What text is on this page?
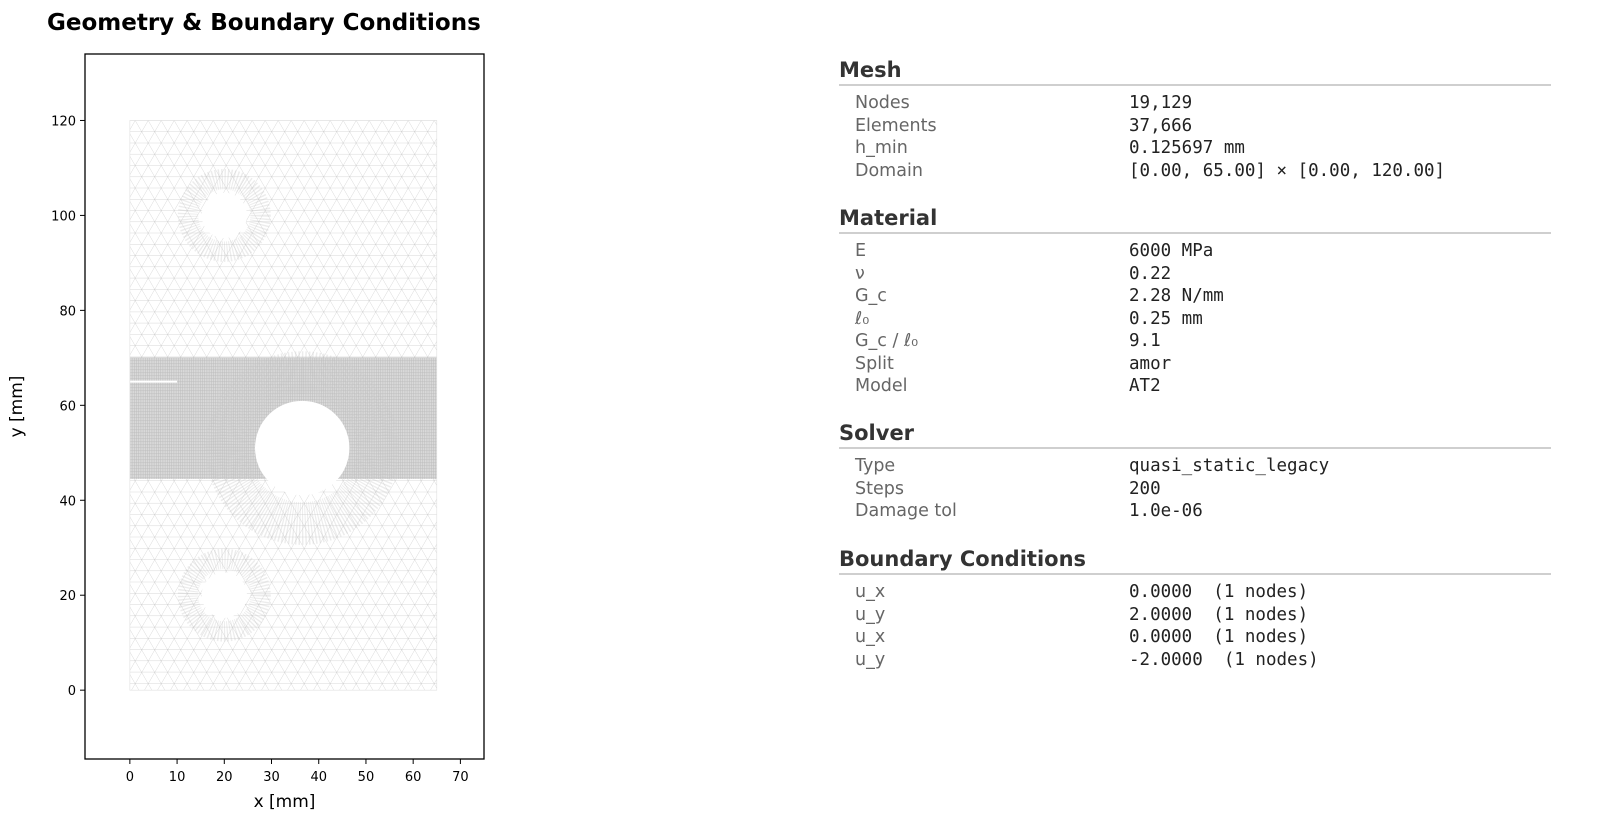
Geometry & Boundary Conditions
0	10 20 30 40 50 60 70
0
20
40
60
80
100
120
x [mm]
y [mm]
Mesh
Nodes	19,129
Elements	37,666
h_min	0.125697 mm
Domain	[0.00, 65.00] × [0.00, 120.00]
Material
E	6000 MPa
ν	0.22
G_c	2.28 N/mm
ℓ₀	0.25 mm
G_c / ℓ₀	9.1
Split	amor
Model	AT2
Solver
Type	quasi_static_legacy
Steps	200
Damage tol	1.0e-06
Boundary Conditions
u_x	0.0000  (1 nodes)
u_y	2.0000  (1 nodes)
u_x	0.0000  (1 nodes)
u_y	-2.0000  (1 nodes)
